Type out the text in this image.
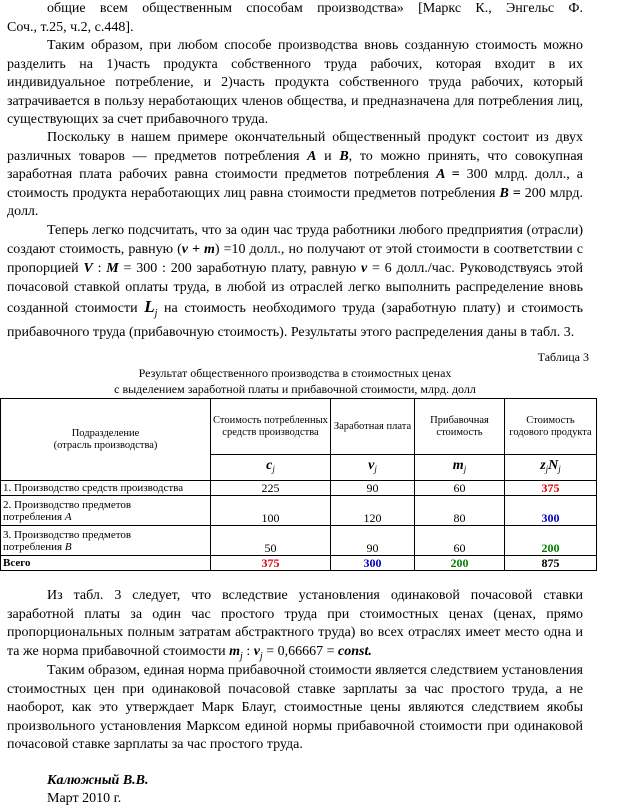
общие всем общественным способам производства» [Маркс К., Энгельс Ф.
Соч., т.25, ч.2, с.448].
Таким образом, при любом способе производства вновь созданную стоимость можно разделить на 1)часть продукта собственного труда рабочих, которая входит в их индивидуальное потребление, и 2)часть продукта собственного труда рабочих, который затрачивается в пользу неработающих членов общества, и предназначена для потребления лиц, существующих за счет прибавочного труда.
Поскольку в нашем примере окончательный общественный продукт состоит из двух различных товаров — предметов потребления A и B, то можно принять, что совокупная заработная плата рабочих равна стоимости предметов потребления A = 300 млрд. долл., а стоимость продукта неработающих лиц равна стоимости предметов потребления B = 200 млрд. долл.
Теперь легко подсчитать, что за один час труда работники любого предприятия (отрасли) создают стоимость, равную (v + m) =10 долл., но получают от этой стоимости в соответствии с пропорцией V : M = 300 : 200 заработную плату, равную v = 6 долл./час. Руководствуясь этой почасовой ставкой оплаты труда, в любой из отраслей легко выполнить распределение вновь созданной стоимости $L_j$ на стоимость необходимого труда (заработную плату) и стоимость прибавочного труда (прибавочную стоимость). Результаты этого распределения даны в табл. 3.
Таблица 3
Результат общественного производства в стоимостных ценах
с выделением заработной платы и прибавочной стоимости, млрд. долл
Подразделение
(отрасль производства)	Стоимость потребленных средств производства	Заработная плата	Прибавочная стоимость	Стоимость годового продукта
	$c_j$	$v_j$	$m_j$	$z_jN_j$
1. Производство средств производства	225	90	60	375

2. Производство предметов
потребления A	100	120	80	300

3. Производство предметов
потребления B	50	90	60	200
Всего	375	300	200	875
Из табл. 3 следует, что вследствие установления одинаковой почасовой ставки заработной платы за один час простого труда при стоимостных ценах (ценах, прямо пропорциональных полным затратам абстрактного труда) во всех отраслях имеет место одна и та же норма прибавочной стоимости $m_j$ : $v_j = 0,66667$ = const.
Таким образом, единая норма прибавочной стоимости является следствием установления стоимостных цен при одинаковой почасовой ставке зарплаты за час простого труда, а не наоборот, как это утверждает Марк Блауг, стоимостные цены являются следствием якобы произвольного установления Марксом единой нормы прибавочной стоимости при одинаковой почасовой ставке зарплаты за час простого труда.
Калюжный В.В.
Март 2010 г.
